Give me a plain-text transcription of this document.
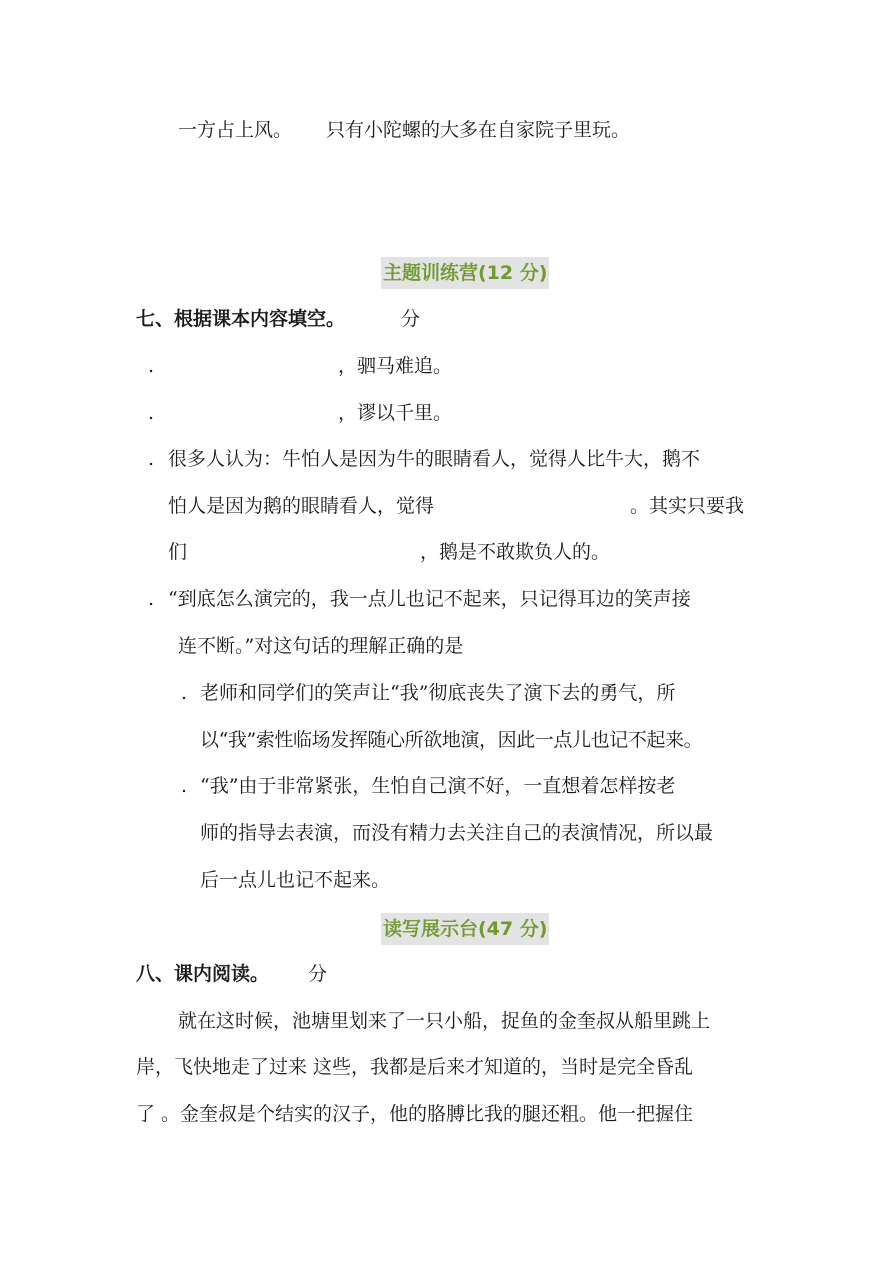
一方占上风。 只有小陀螺的大多在自家院子里玩。
主题训练营(12 分)
七、根据课本内容填空。	分
.	，驷马难追。
.	，谬以千里。
. 很多人认为：牛怕人是因为牛的眼睛看人，觉得人比牛大，鹅不
怕人是因为鹅的眼睛看人，觉得	。其实只要我
们	，鹅是不敢欺负人的。
. “到底怎么演完的，我一点儿也记不起来，只记得耳边的笑声接
连不断。”对这句话的理解正确的是
. 老师和同学们的笑声让“我”彻底丧失了演下去的勇气，所
以“我”索性临场发挥随心所欲地演，因此一点儿也记不起来。
. “我”由于非常紧张，生怕自己演不好，一直想着怎样按老
师的指导去表演，而没有精力去关注自己的表演情况，所以最
后一点儿也记不起来。
读写展示台(47 分)
八、课内阅读。 分
就在这时候，池塘里划来了一只小船，捉鱼的金奎叔从船里跳上
岸，飞快地走了过来 这些，我都是后来才知道的，当时是完全昏乱
了 。金奎叔是个结实的汉子，他的胳膊比我的腿还粗。他一把握住
